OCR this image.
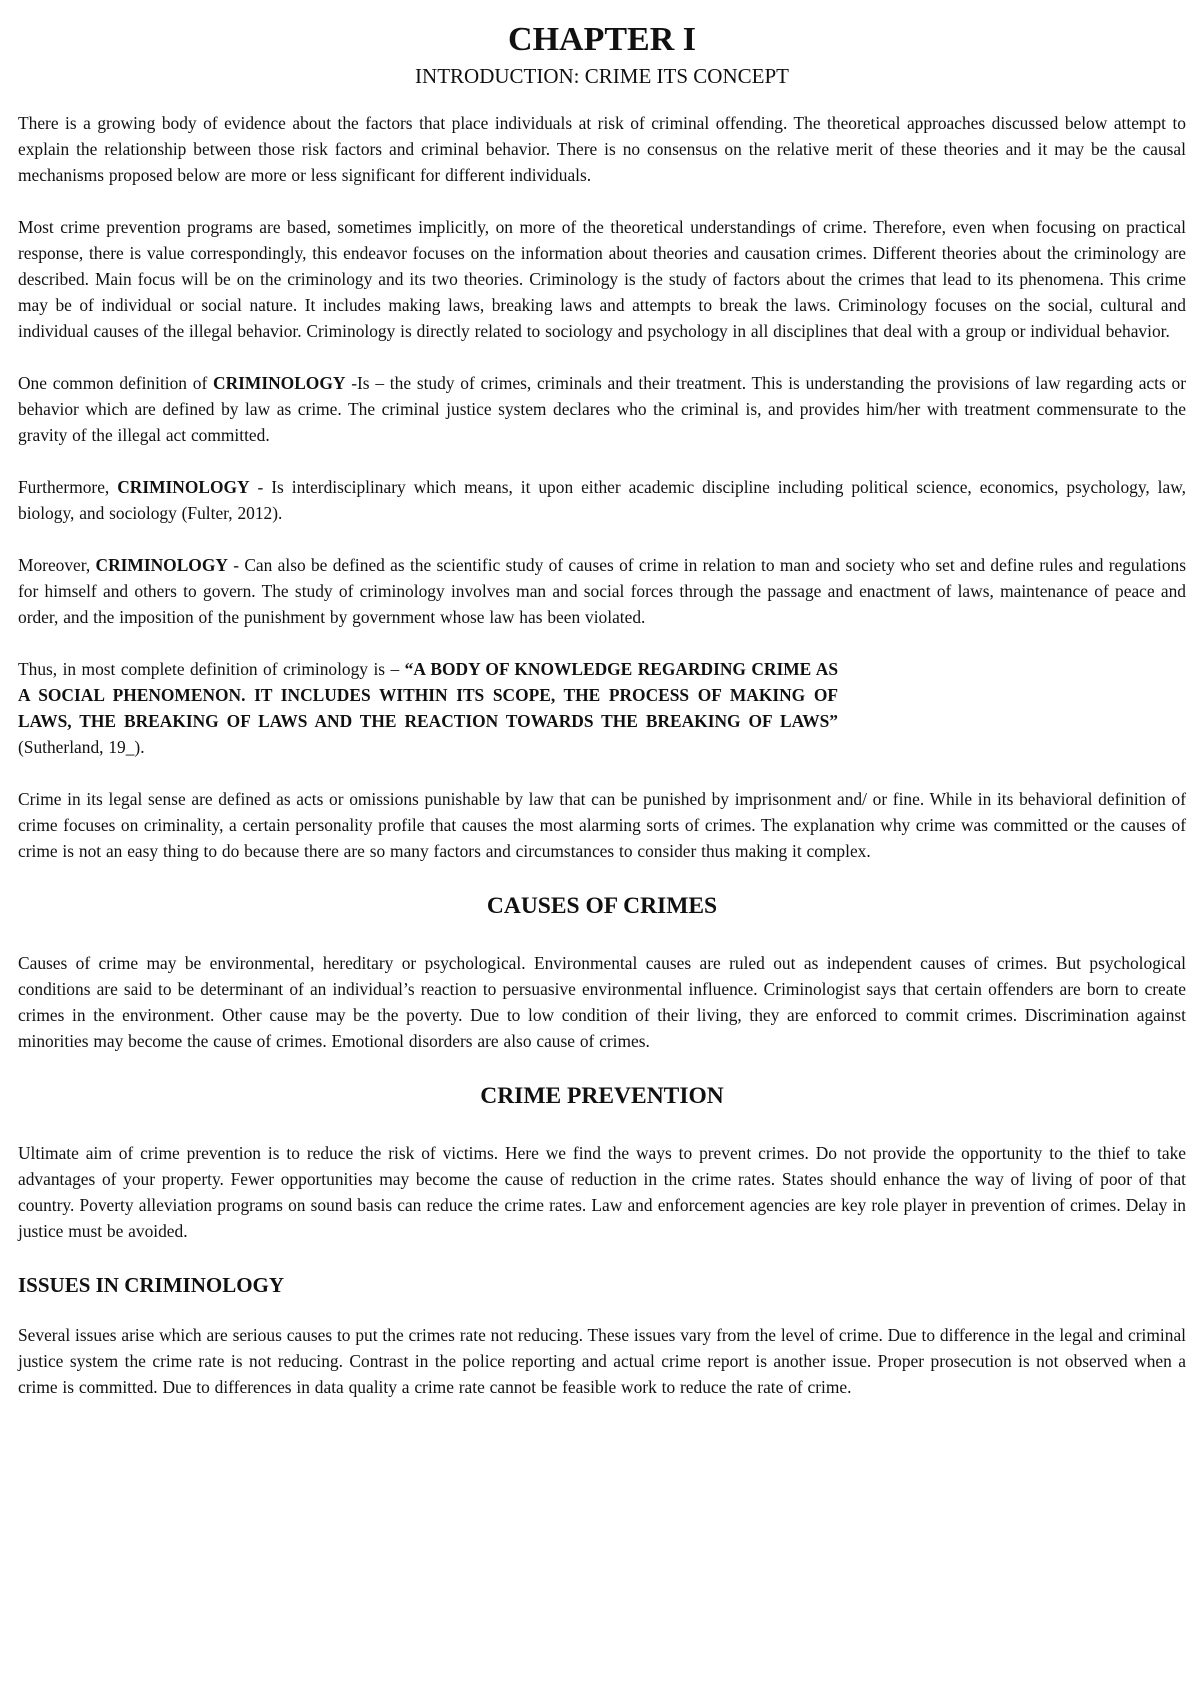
CHAPTER I
INTRODUCTION: CRIME ITS CONCEPT

There is a growing body of evidence about the factors that place individuals at risk of criminal offending. The theoretical approaches discussed below attempt to explain the relationship between those risk factors and criminal behavior. There is no consensus on the relative merit of these theories and it may be the causal mechanisms proposed below are more or less significant for different individuals.

Most crime prevention programs are based, sometimes implicitly, on more of the theoretical understandings of crime. Therefore, even when focusing on practical response, there is value correspondingly, this endeavor focuses on the information about theories and causation crimes. Different theories about the criminology are described. Main focus will be on the criminology and its two theories. Criminology is the study of factors about the crimes that lead to its phenomena. This crime may be of individual or social nature. It includes making laws, breaking laws and attempts to break the laws. Criminology focuses on the social, cultural and individual causes of the illegal behavior. Criminology is directly related to sociology and psychology in all disciplines that deal with a group or individual behavior.

One common definition of CRIMINOLOGY -Is – the study of crimes, criminals and their treatment. This is understanding the provisions of law regarding acts or behavior which are defined by law as crime. The criminal justice system declares who the criminal is, and provides him/her with treatment commensurate to the gravity of the illegal act committed.

Furthermore, CRIMINOLOGY - Is interdisciplinary which means, it upon either academic discipline including political science, economics, psychology, law, biology, and sociology (Fulter, 2012).

Moreover, CRIMINOLOGY - Can also be defined as the scientific study of causes of crime in relation to man and society who set and define rules and regulations for himself and others to govern. The study of criminology involves man and social forces through the passage and enactment of laws, maintenance of peace and order, and the imposition of the punishment by government whose law has been violated.

Thus, in most complete definition of criminology is – “A BODY OF KNOWLEDGE REGARDING CRIME AS A SOCIAL PHENOMENON. IT INCLUDES WITHIN ITS SCOPE, THE PROCESS OF MAKING OF LAWS, THE BREAKING OF LAWS AND THE REACTION TOWARDS THE BREAKING OF LAWS” (Sutherland, 19_).

Crime in its legal sense are defined as acts or omissions punishable by law that can be punished by imprisonment and/ or fine. While in its behavioral definition of crime focuses on criminality, a certain personality profile that causes the most alarming sorts of crimes. The explanation why crime was committed or the causes of crime is not an easy thing to do because there are so many factors and circumstances to consider thus making it complex.

CAUSES OF CRIMES

Causes of crime may be environmental, hereditary or psychological. Environmental causes are ruled out as independent causes of crimes. But psychological conditions are said to be determinant of an individual’s reaction to persuasive environmental influence. Criminologist says that certain offenders are born to create crimes in the environment. Other cause may be the poverty. Due to low condition of their living, they are enforced to commit crimes. Discrimination against minorities may become the cause of crimes. Emotional disorders are also cause of crimes.

CRIME PREVENTION

Ultimate aim of crime prevention is to reduce the risk of victims. Here we find the ways to prevent crimes. Do not provide the opportunity to the thief to take advantages of your property. Fewer opportunities may become the cause of reduction in the crime rates. States should enhance the way of living of poor of that country. Poverty alleviation programs on sound basis can reduce the crime rates. Law and enforcement agencies are key role player in prevention of crimes. Delay in justice must be avoided.

ISSUES IN CRIMINOLOGY

Several issues arise which are serious causes to put the crimes rate not reducing. These issues vary from the level of crime. Due to difference in the legal and criminal justice system the crime rate is not reducing. Contrast in the police reporting and actual crime report is another issue. Proper prosecution is not observed when a crime is committed. Due to differences in data quality a crime rate cannot be feasible work to reduce the rate of crime.
